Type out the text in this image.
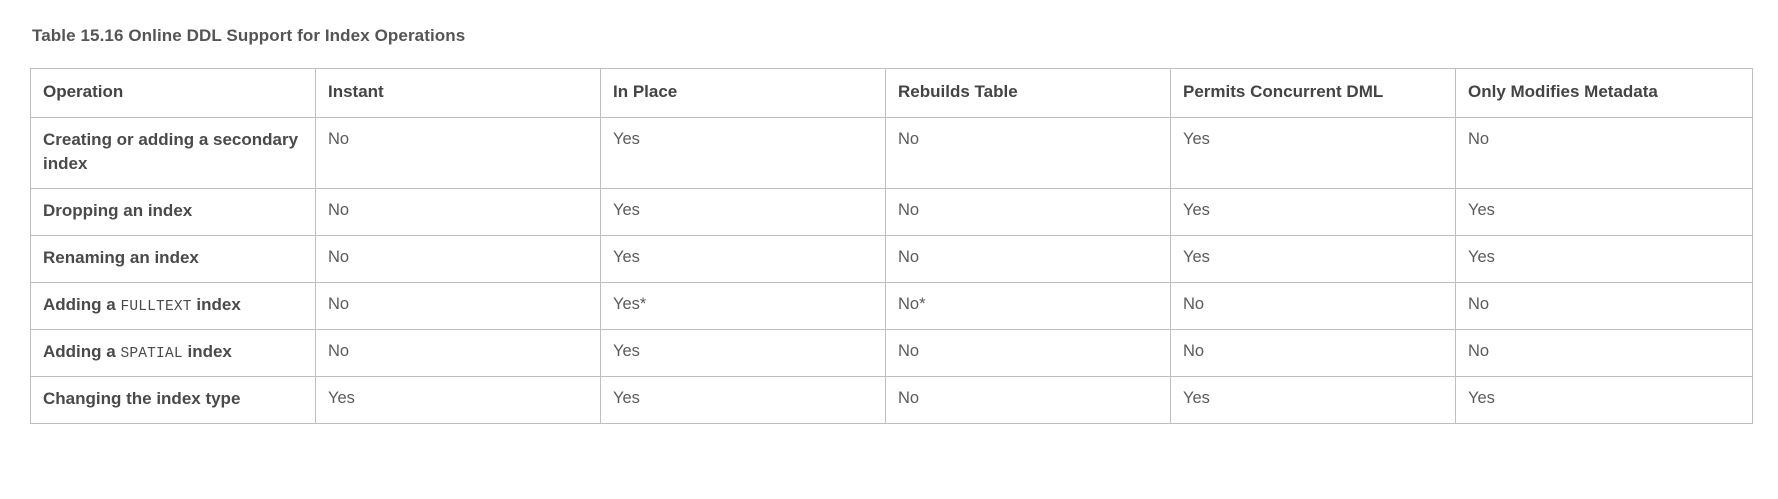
Table 15.16 Online DDL Support for Index Operations
Operation	Instant	In Place	Rebuilds Table	Permits Concurrent DML	Only Modifies Metadata
Creating or adding a secondary index	No	Yes	No	Yes	No
Dropping an index	No	Yes	No	Yes	Yes
Renaming an index	No	Yes	No	Yes	Yes
Adding a FULLTEXT index	No	Yes*	No*	No	No
Adding a SPATIAL index	No	Yes	No	No	No
Changing the index type	Yes	Yes	No	Yes	Yes
